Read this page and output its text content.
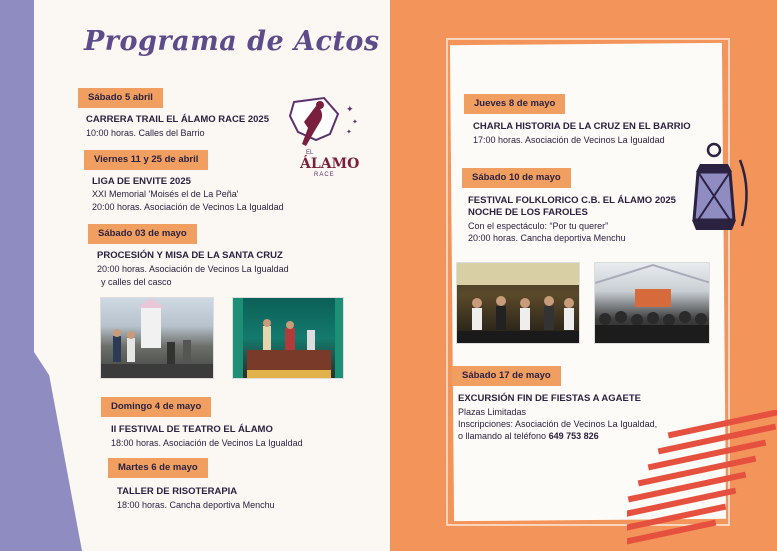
Programa de Actos
✦
✦
✦
EL
ÁLAMO
RACE
Sábado 5 abril
CARRERA TRAIL EL ÁLAMO RACE 2025
10:00 horas. Calles del Barrio
Viernes 11 y 25 de abril
LIGA DE ENVITE 2025
XXI Memorial 'Moisés el de La Peña'
20:00 horas. Asociación de Vecinos La Igualdad
Sábado 03 de mayo
PROCESIÓN Y MISA DE LA SANTA CRUZ
20:00 horas. Asociación de Vecinos La Igualdad
y calles del casco
Domingo 4 de mayo
II FESTIVAL DE TEATRO EL ÁLAMO
18:00 horas. Asociación de Vecinos La Igualdad
Martes 6 de mayo
TALLER DE RISOTERAPIA
18:00 horas. Cancha deportiva Menchu
Jueves 8 de mayo
CHARLA HISTORIA DE LA CRUZ EN EL BARRIO
17:00 horas. Asociación de Vecinos La Igualdad
Sábado 10 de mayo
FESTIVAL FOLKLORICO C.B. EL ÁLAMO 2025
NOCHE DE LOS FAROLES
Con el espectáculo: “Por tu querer”
20:00 horas. Cancha deportiva Menchu
Sábado 17 de mayo
EXCURSIÓN FIN DE FIESTAS A AGAETE
Plazas Limitadas
Inscripciones: Asociación de Vecinos La Igualdad,
o llamando al teléfono 649 753 826
